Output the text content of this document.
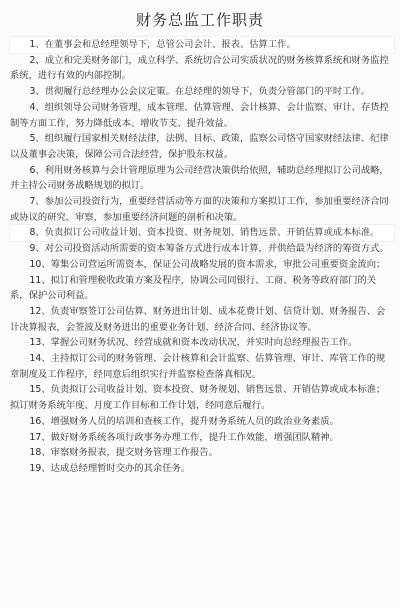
财务总监工作职责
1、在董事会和总经理领导下，总管公司会计、报表、估算工作。
2、成立和完美财务部门，成立科学、系统切合公司实质状况的财务核算系统和财务监控系统，进行有效的内部控制。
3、贯彻履行总经理办公会议定策。在总经理的领导下，负责分管部门的平时工作。
4、组织领导公司财务管理，成本管理、估算管理、会计核算、会计监察、审计、存货控制等方面工作，努力降低成本、增收节支、提升效益。
5、组织履行国家相关财经法律，法例、目标、政策，监察公司恪守国家财经法律、纪律以及董事会决策，保障公司合法经营，保护股东权益。
6、利用财务核算与会计管理原理为公司经营决策供给依照，辅助总经理拟订公司战略，并主持公司财务战略规划的拟订。
7、参加公司投资行为，重要经营活动等方面的决策和方案拟订工作，参加重要经济合同或协议的研究、审察，参加重要经济问题的剖析和决策。
8、负责拟订公司收益计划、资本投资、财务规划、销售远景、开销估算或成本标准。
9、对公司投资活动所需要的资本筹备方式进行成本计算，并供给最为经济的筹资方式。
10、筹集公司营运所需资本，保证公司战略发展的资本需求，审批公司重要资金流向；
11、拟订和管理税收政策方案及程序，协调公司同银行、工商、税务等政府部门的关系，保护公司利益。
12、负责审察签订公司估算、财务进出计划、成本花费计划、信贷计划、财务报告、会计决算报表，会签波及财务进出的重要业务计划、经济合同、经济协议等。
13、掌握公司财务状况、经营成就和资本改动状况，并实时向总经理报告工作。
14、主持拟订公司的财务管理、会计核算和会计监察、估算管理、审计、库管工作的规章制度及工作程序，经同意后组织实行并监察检查落真相况。
15、负责拟订公司收益计划、资本投资、财务规划、销售远景、开销估算或成本标准；拟订财务系统年度、月度工作目标和工作计划，经同意后履行。
16、增强财务人员的培训和查核工作，提升财务系统人员的政治业务素质。
17、做好财务系统各项行政事务办理工作，提升工作效能，增强团队精神。
18、审察财务报表，提交财务管理工作报告。
19、达成总经理暂时交办的其余任务。
